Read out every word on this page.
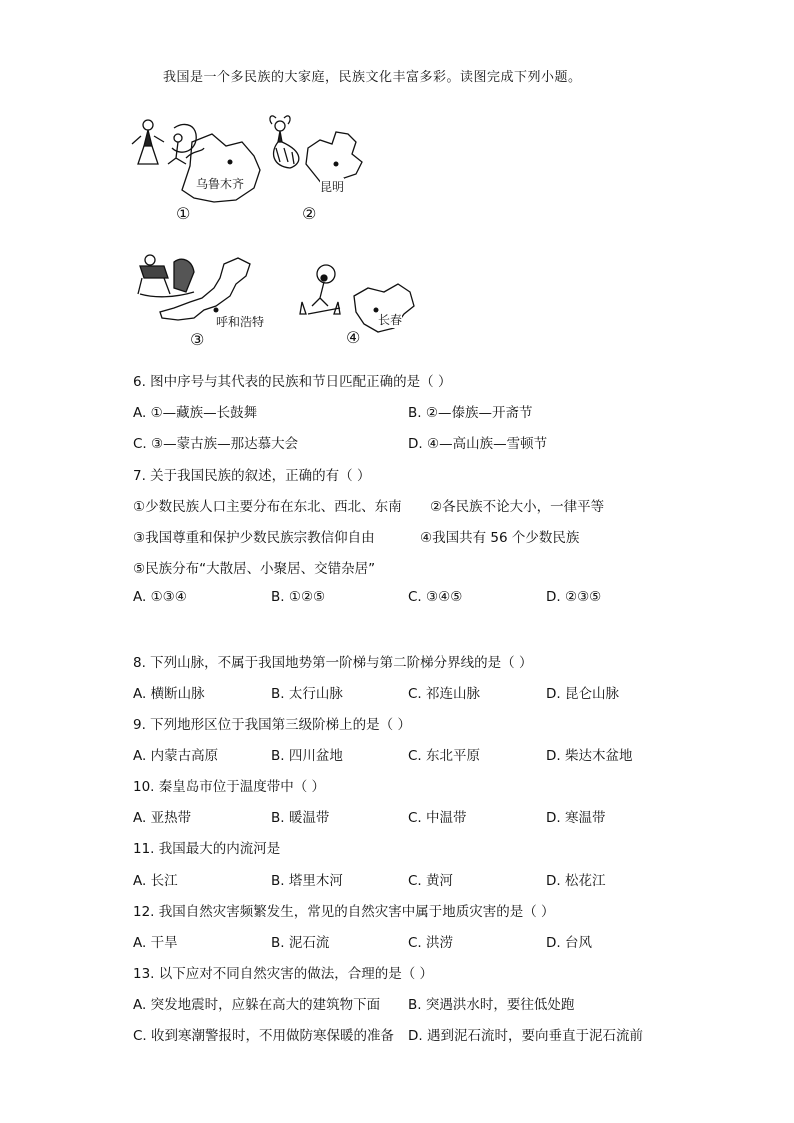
我国是一个多民族的大家庭，民族文化丰富多彩。读图完成下列小题。
乌鲁木齐
①
昆明
②
呼和浩特
③
长春
④
6. 图中序号与其代表的民族和节日匹配正确的是（ ）
A. ①—藏族—长鼓舞	B. ②—傣族—开斋节
C. ③—蒙古族—那达慕大会	D. ④—高山族—雪顿节
7. 关于我国民族的叙述，正确的有（ ）
①少数民族人口主要分布在东北、西北、东南 ②各民族不论大小，一律平等
③我国尊重和保护少数民族宗教信仰自由	④我国共有 56 个少数民族
⑤民族分布“大散居、小聚居、交错杂居”
A. ①③④	B. ①②⑤	C. ③④⑤	D. ②③⑤
8. 下列山脉，不属于我国地势第一阶梯与第二阶梯分界线的是（ ）
A. 横断山脉	B. 太行山脉	C. 祁连山脉	D. 昆仑山脉
9. 下列地形区位于我国第三级阶梯上的是（ ）
A. 内蒙古高原	B. 四川盆地	C. 东北平原	D. 柴达木盆地
10. 秦皇岛市位于温度带中（ ）
A. 亚热带	B. 暖温带	C. 中温带	D. 寒温带
11. 我国最大的内流河是
A. 长江	B. 塔里木河	C. 黄河	D. 松花江
12. 我国自然灾害频繁发生，常见的自然灾害中属于地质灾害的是（ ）
A. 干旱	B. 泥石流	C. 洪涝	D. 台风
13. 以下应对不同自然灾害的做法，合理的是（ ）
A. 突发地震时，应躲在高大的建筑物下面 B. 突遇洪水时，要往低处跑
C. 收到寒潮警报时，不用做防寒保暖的准备 D. 遇到泥石流时，要向垂直于泥石流前
